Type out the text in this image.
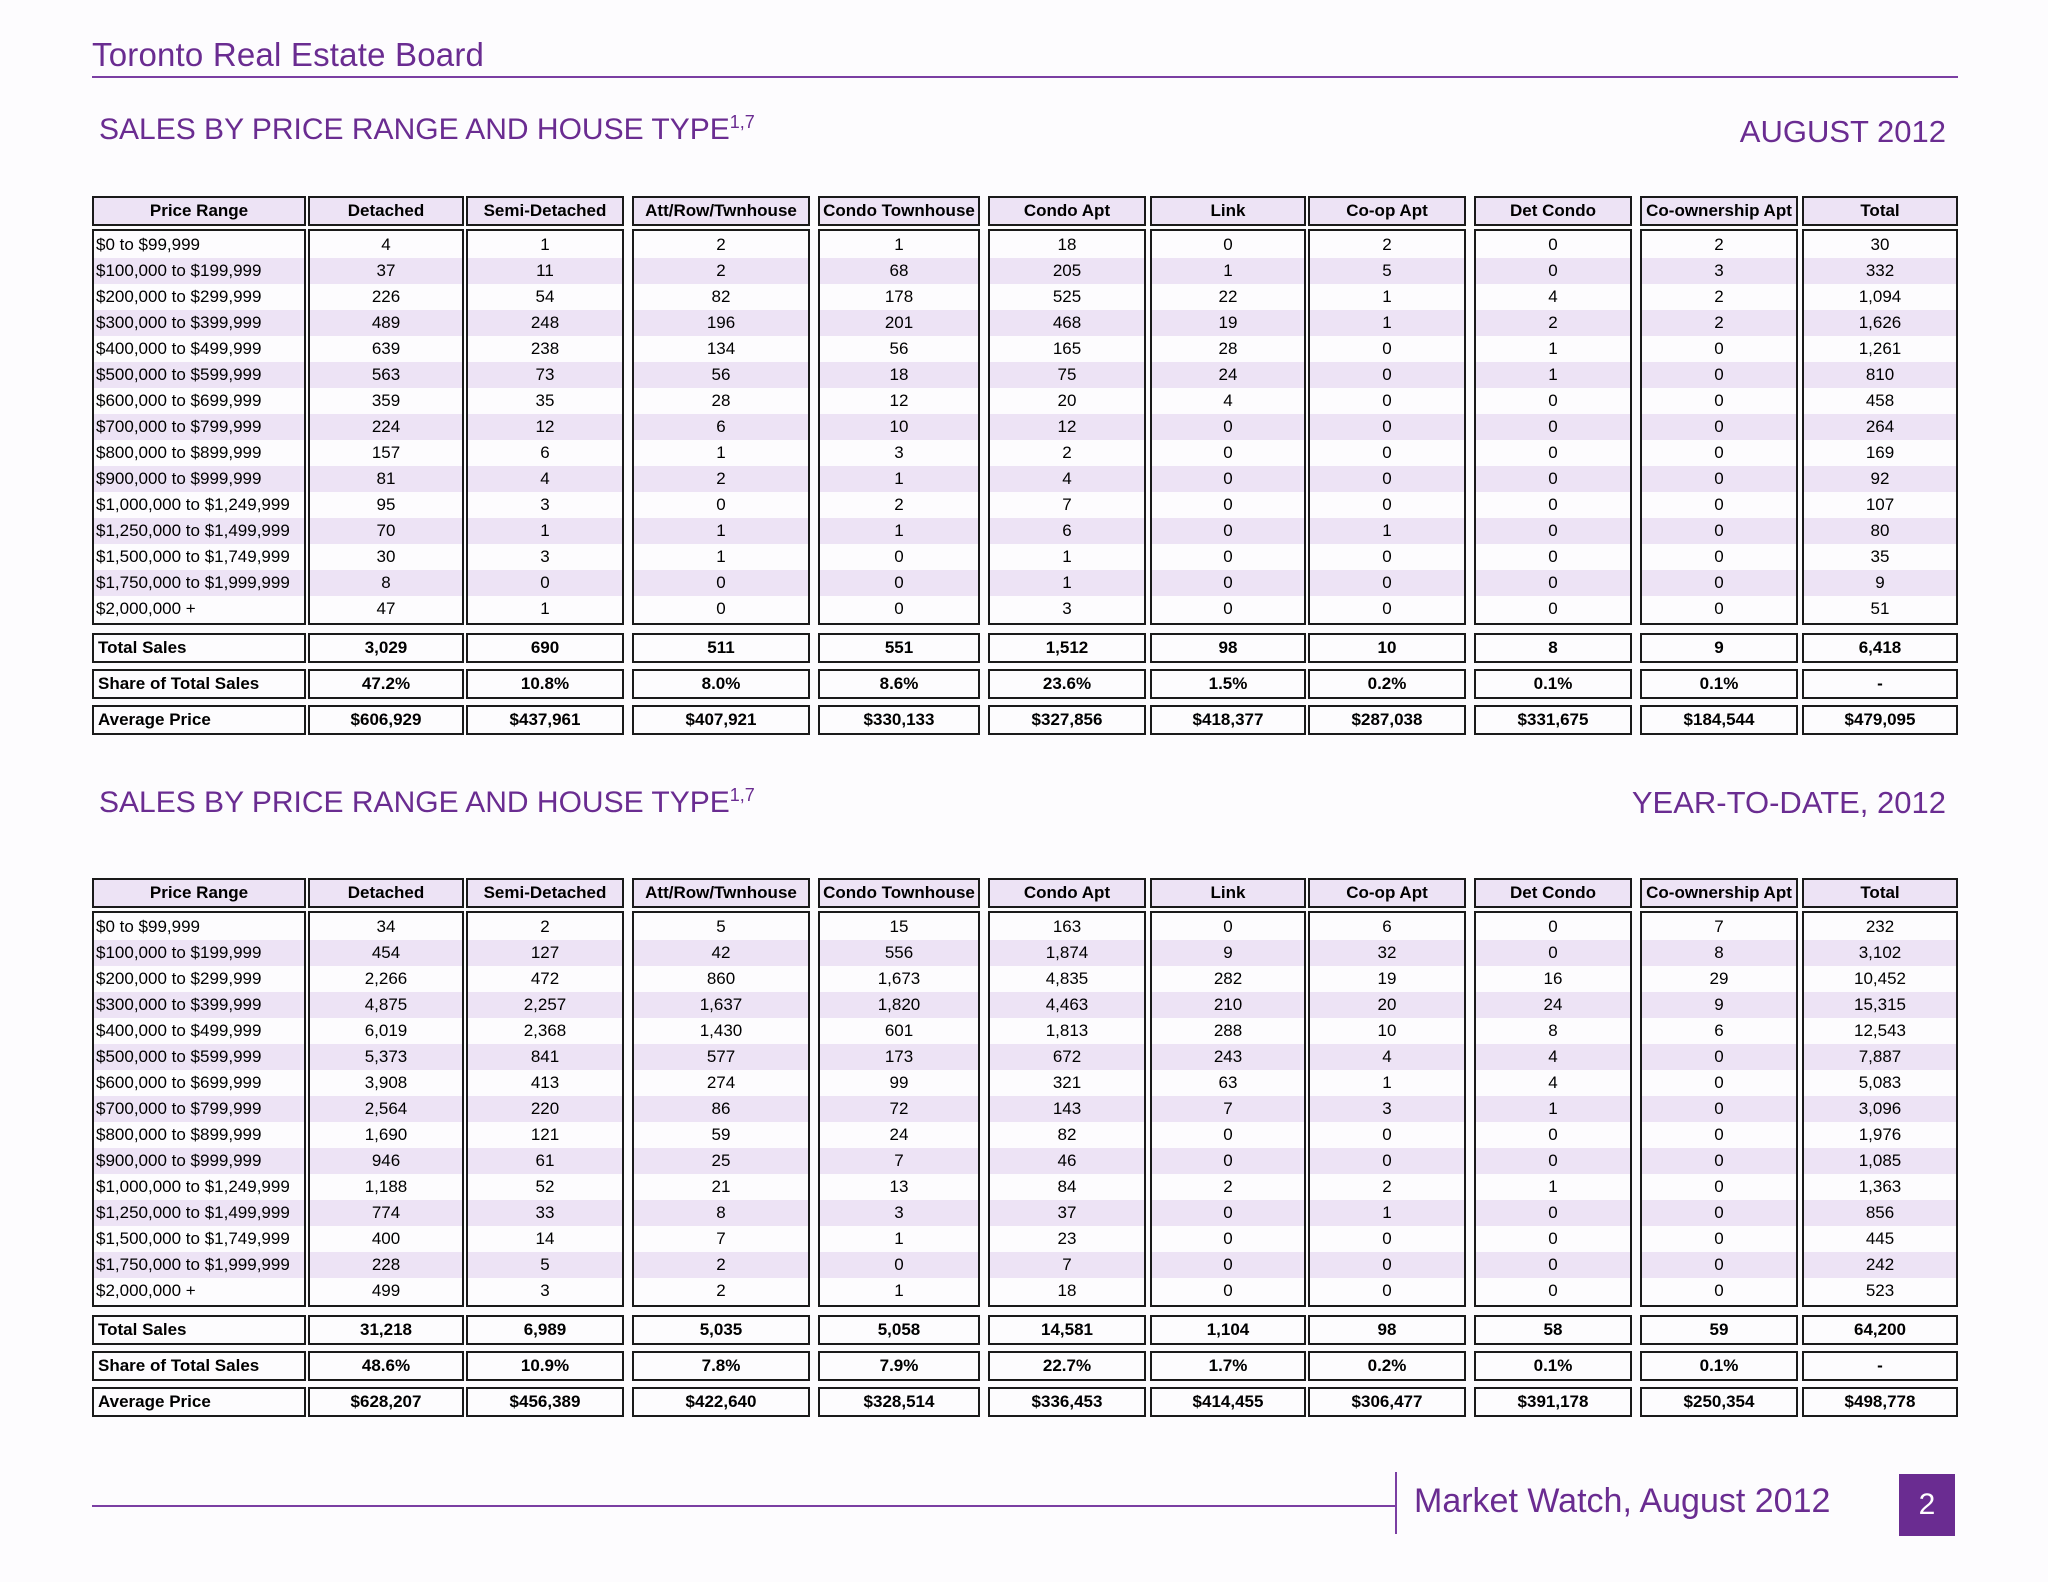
Toronto Real Estate Board
SALES BY PRICE RANGE AND HOUSE TYPE$^{1,7}$	AUGUST 2012
Price Range	Detached	Semi-Detached	Att/Row/Twnhouse	Condo Townhouse	Condo Apt	Link	Co-op Apt	Det Condo	Co-ownership Apt	Total
$0 to $99,999	4	1	2	1	18	0	2	0	2	30
$100,000 to $199,999	37	11	2	68	205	1	5	0	3	332
$200,000 to $299,999	226	54	82	178	525	22	1	4	2	1,094
$300,000 to $399,999	489	248	196	201	468	19	1	2	2	1,626
$400,000 to $499,999	639	238	134	56	165	28	0	1	0	1,261
$500,000 to $599,999	563	73	56	18	75	24	0	1	0	810
$600,000 to $699,999	359	35	28	12	20	4	0	0	0	458
$700,000 to $799,999	224	12	6	10	12	0	0	0	0	264
$800,000 to $899,999	157	6	1	3	2	0	0	0	0	169
$900,000 to $999,999	81	4	2	1	4	0	0	0	0	92
$1,000,000 to $1,249,999	95	3	0	2	7	0	0	0	0	107
$1,250,000 to $1,499,999	70	1	1	1	6	0	1	0	0	80
$1,500,000 to $1,749,999	30	3	1	0	1	0	0	0	0	35
$1,750,000 to $1,999,999	8	0	0	0	1	0	0	0	0	9
$2,000,000 +	47	1	0	0	3	0	0	0	0	51
Total Sales	3,029	690	511	551	1,512	98	10	8	9	6,418
Share of Total Sales	47.2%	10.8%	8.0%	8.6%	23.6%	1.5%	0.2%	0.1%	0.1%	-
Average Price	$606,929	$437,961	$407,921	$330,133	$327,856	$418,377	$287,038	$331,675	$184,544	$479,095
SALES BY PRICE RANGE AND HOUSE TYPE$^{1,7}$	YEAR-TO-DATE, 2012
Price Range	Detached	Semi-Detached	Att/Row/Twnhouse	Condo Townhouse	Condo Apt	Link	Co-op Apt	Det Condo	Co-ownership Apt	Total
$0 to $99,999	34	2	5	15	163	0	6	0	7	232
$100,000 to $199,999	454	127	42	556	1,874	9	32	0	8	3,102
$200,000 to $299,999	2,266	472	860	1,673	4,835	282	19	16	29	10,452
$300,000 to $399,999	4,875	2,257	1,637	1,820	4,463	210	20	24	9	15,315
$400,000 to $499,999	6,019	2,368	1,430	601	1,813	288	10	8	6	12,543
$500,000 to $599,999	5,373	841	577	173	672	243	4	4	0	7,887
$600,000 to $699,999	3,908	413	274	99	321	63	1	4	0	5,083
$700,000 to $799,999	2,564	220	86	72	143	7	3	1	0	3,096
$800,000 to $899,999	1,690	121	59	24	82	0	0	0	0	1,976
$900,000 to $999,999	946	61	25	7	46	0	0	0	0	1,085
$1,000,000 to $1,249,999	1,188	52	21	13	84	2	2	1	0	1,363
$1,250,000 to $1,499,999	774	33	8	3	37	0	1	0	0	856
$1,500,000 to $1,749,999	400	14	7	1	23	0	0	0	0	445
$1,750,000 to $1,999,999	228	5	2	0	7	0	0	0	0	242
$2,000,000 +	499	3	2	1	18	0	0	0	0	523
Total Sales	31,218	6,989	5,035	5,058	14,581	1,104	98	58	59	64,200
Share of Total Sales	48.6%	10.9%	7.8%	7.9%	22.7%	1.7%	0.2%	0.1%	0.1%	-
Average Price	$628,207	$456,389	$422,640	$328,514	$336,453	$414,455	$306,477	$391,178	$250,354	$498,778
Market Watch, August 2012	2
